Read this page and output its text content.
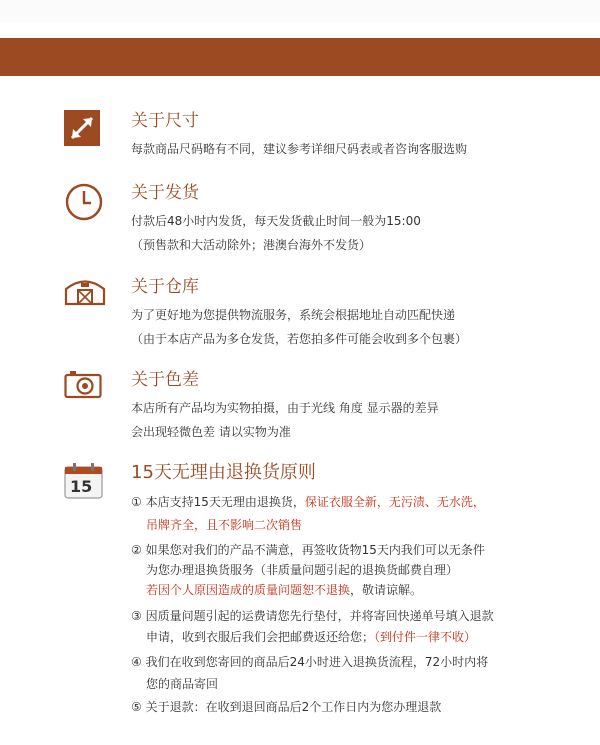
关于尺寸
每款商品尺码略有不同，建议参考详细尺码表或者咨询客服选购
关于发货
付款后48小时内发货，每天发货截止时间一般为15:00
（预售款和大活动除外；港澳台海外不发货）
关于仓库
为了更好地为您提供物流服务，系统会根据地址自动匹配快递
（由于本店产品为多仓发货，若您拍多件可能会收到多个包裹）
关于色差
本店所有产品均为实物拍摄，由于光线 角度 显示器的差异
会出现轻微色差 请以实物为准
15
15天无理由退换货原则
① 本店支持15天无理由退换货，保证衣服全新，无污渍、无水洗，
吊牌齐全，且不影响二次销售
② 如果您对我们的产品不满意，再签收货物15天内我们可以无条件
为您办理退换货服务（非质量问题引起的退换货邮费自理）
若因个人原因造成的质量问题恕不退换，敬请谅解。
③ 因质量问题引起的运费请您先行垫付，并将寄回快递单号填入退款
申请，收到衣服后我们会把邮费返还给您；（到付件一律不收）
④ 我们在收到您寄回的商品后24小时进入退换货流程，72小时内将
您的商品寄回
⑤ 关于退款：在收到退回商品后2个工作日内为您办理退款
